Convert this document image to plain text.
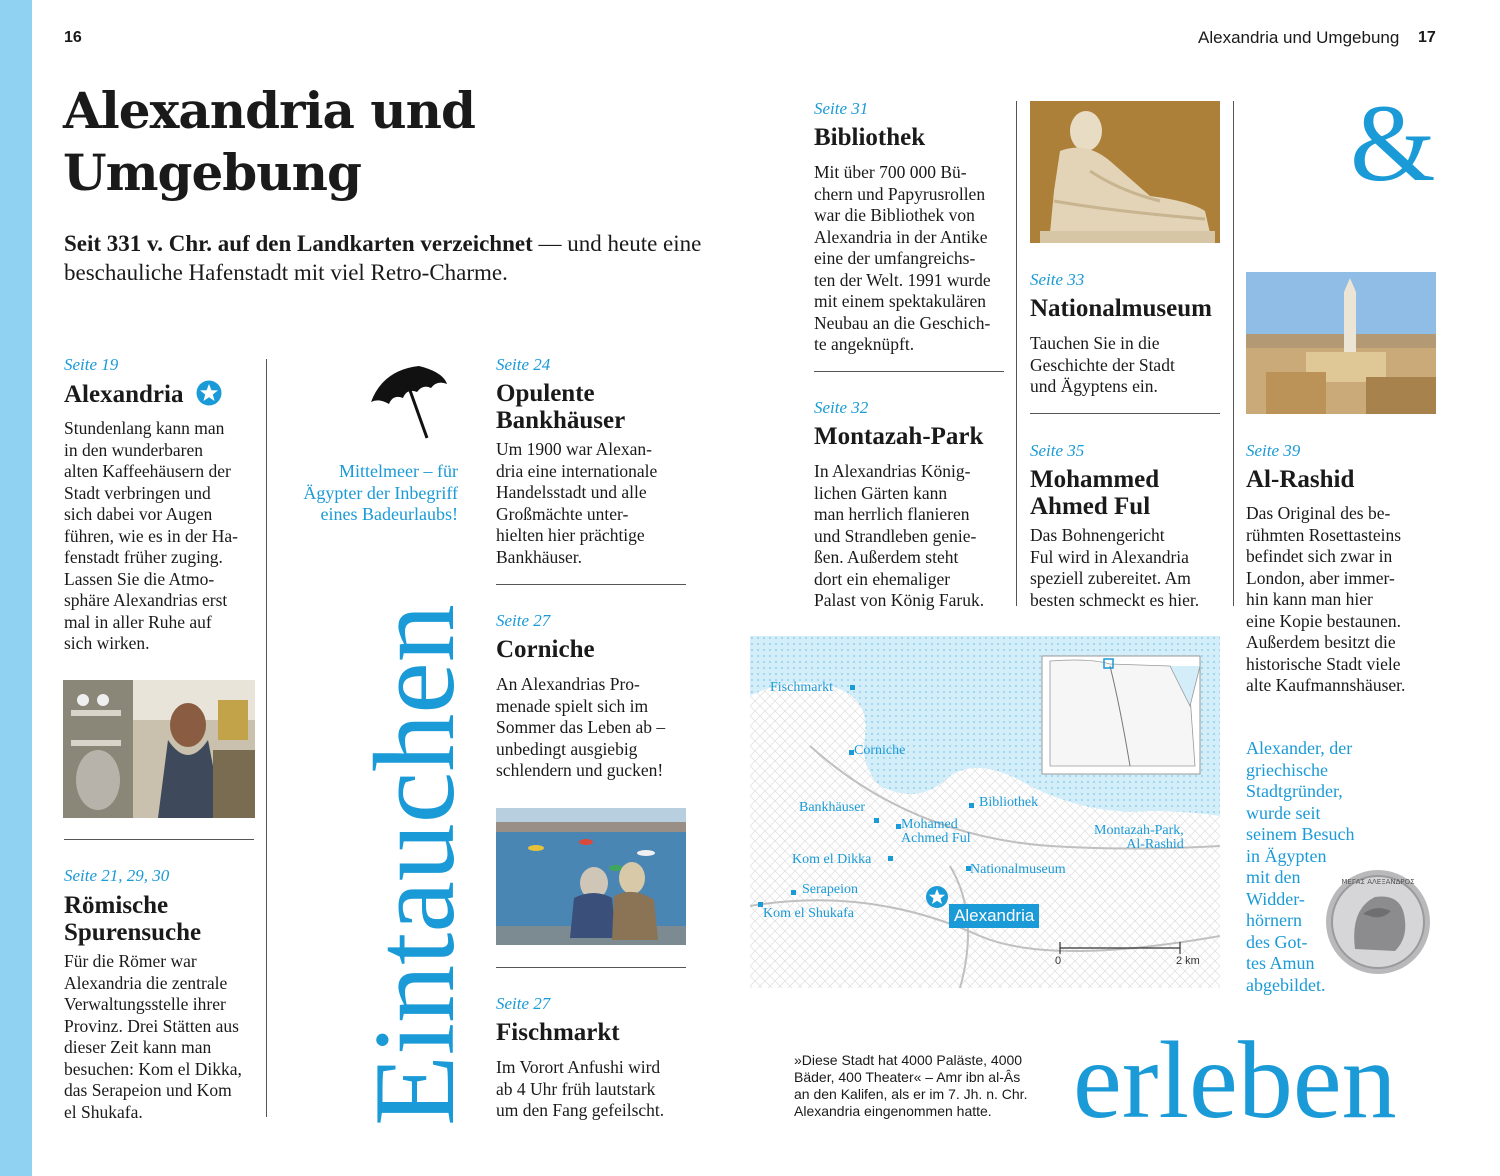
16	Alexandria und Umgebung 17
Alexandria und
Umgebung
Seit 331 v. Chr. auf den Landkarten verzeichnet — und heute eine beschauliche Hafenstadt mit viel Retro-Charme.
Seite 19
Alexandria
Stundenlang kann man
in den wunderbaren
alten Kaffeehäusern der
Stadt verbringen und
sich dabei vor Augen
führen, wie es in der Ha-
fenstadt früher zuging.
Lassen Sie die Atmo-
sphäre Alexandrias erst
mal in aller Ruhe auf
sich wirken.
Seite 21, 29, 30
Römische
Spurensuche
Für die Römer war
Alexandria die zentrale
Verwaltungsstelle ihrer
Provinz. Drei Stätten aus
dieser Zeit kann man
besuchen: Kom el Dikka,
das Serapeion und Kom
el Shukafa.
Mittelmeer – für
Ägypter der Inbegriff
eines Badeurlaubs!
Eintauchen
Seite 24
Opulente
Bankhäuser
Um 1900 war Alexan-
dria eine internationale
Handelsstadt und alle
Großmächte unter-
hielten hier prächtige
Bankhäuser.
Seite 27
Corniche
An Alexandrias Pro-
menade spielt sich im
Sommer das Leben ab –
unbedingt ausgiebig
schlendern und gucken!
Seite 27
Fischmarkt
Im Vorort Anfushi wird
ab 4 Uhr früh lautstark
um den Fang gefeilscht.
Seite 31
Bibliothek
Mit über 700 000 Bü-
chern und Papyrusrollen
war die Bibliothek von
Alexandria in der Antike
eine der umfangreichs-
ten der Welt. 1991 wurde
mit einem spektakulären
Neubau an die Geschich-
te angeknüpft.
Seite 32
Montazah-Park
In Alexandrias König-
lichen Gärten kann
man herrlich flanieren
und Strandleben genie-
ßen. Außerdem steht
dort ein ehemaliger
Palast von König Faruk.
Seite 33
Nationalmuseum
Tauchen Sie in die
Geschichte der Stadt
und Ägyptens ein.
Seite 35
Mohammed
Ahmed Ful
Das Bohnengericht
Ful wird in Alexandria
speziell zubereitet. Am
besten schmeckt es hier.
&
Seite 39
Al-Rashid
Das Original des be-
rühmten Rosettasteins
befindet sich zwar in
London, aber immer-
hin kann man hier
eine Kopie bestaunen.
Außerdem besitzt die
historische Stadt viele
alte Kaufmannshäuser.
Alexander, der
griechische
Stadtgründer,
wurde seit
seinem Besuch
in Ägypten
mit den
Widder-
hörnern
des Got-
tes Amun
abgebildet.
ΜΕΓΑΣ ΑΛΕΞΑΝΔΡΟΣ
Fischmarkt
Corniche
Bankhäuser	Bibliothek
Mohamed
Achmed Ful
Montazah-Park,
Al-Rashid
Kom el Dikka
Nationalmuseum
Serapeion
Kom el Shukafa	Alexandria
0	2 km
»Diese Stadt hat 4000 Paläste, 4000
Bäder, 400 Theater« – Amr ibn al-Âs
an den Kalifen, als er im 7. Jh. n. Chr.
Alexandria eingenommen hatte. erleben
